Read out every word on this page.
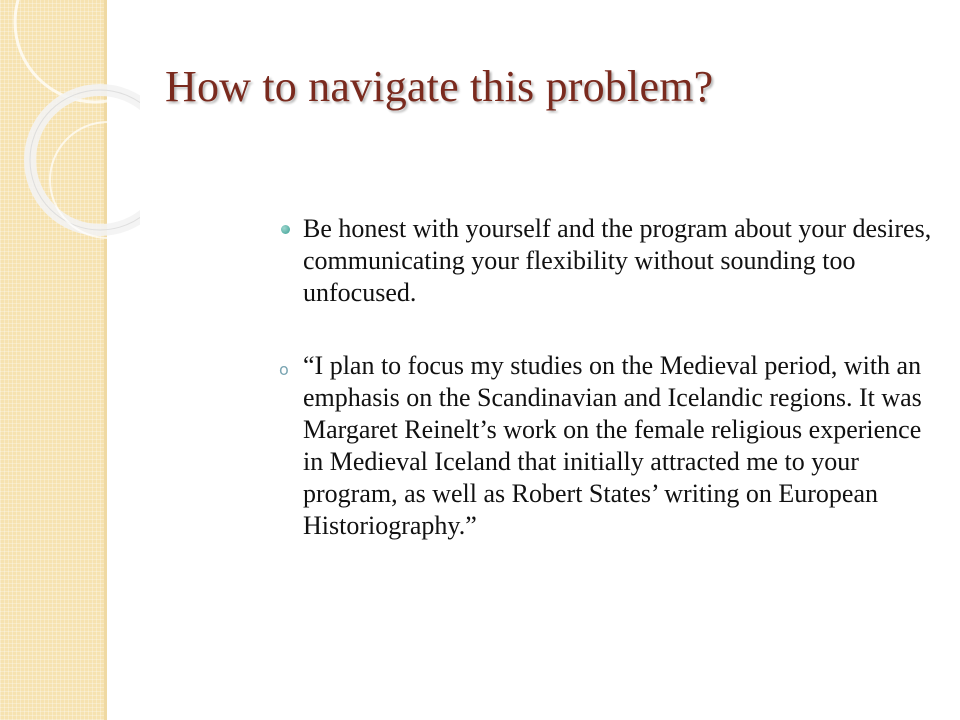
How to navigate this problem?
Be honest with yourself and the program about your desires, communicating your flexibility without sounding too unfocused.
o “I plan to focus my studies on the Medieval period, with an emphasis on the Scandinavian and Icelandic regions. It was Margaret Reinelt’s work on the female religious experience in Medieval Iceland that initially attracted me to your program, as well as Robert States’ writing on European Historiography.”
